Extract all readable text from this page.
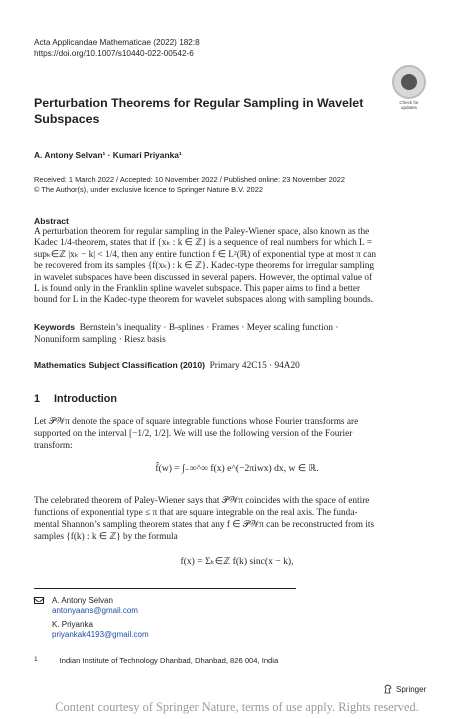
Acta Applicandae Mathematicae (2022) 182:8
https://doi.org/10.1007/s10440-022-00542-6
Check for
updates
Perturbation Theorems for Regular Sampling in Wavelet
Subspaces
A. Antony Selvan¹ · Kumari Priyanka¹
Received: 1 March 2022 / Accepted: 10 November 2022 / Published online: 23 November 2022
© The Author(s), under exclusive licence to Springer Nature B.V. 2022
Abstract
A perturbation theorem for regular sampling in the Paley-Wiener space, also known as the
Kadec 1/4-theorem, states that if {xₖ : k ∈ ℤ} is a sequence of real numbers for which L =
supₖ∈ℤ |xₖ − k| < 1/4, then any entire function f ∈ L²(ℝ) of exponential type at most π can
be recovered from its samples {f(xₖ) : k ∈ ℤ}. Kadec-type theorems for irregular sampling
in wavelet subspaces have been discussed in several papers. However, the optimal value of
L is found only in the Franklin spline wavelet subspace. This paper aims to find a better
bound for L in the Kadec-type theorem for wavelet subspaces along with sampling bounds.
Keywords Bernstein’s inequality · B-splines · Frames · Meyer scaling function ·
Nonuniform sampling · Riesz basis
Mathematics Subject Classification (2010) Primary 42C15 · 94A20
1 Introduction
Let 𝒫𝒲π denote the space of square integrable functions whose Fourier transforms are
supported on the interval [−1/2, 1/2]. We will use the following version of the Fourier
transform:
f̂(w) = ∫₋∞^∞ f(x) e^(−2πiwx) dx, w ∈ ℝ.
The celebrated theorem of Paley-Wiener says that 𝒫𝒲π coincides with the space of entire
functions of exponential type ≤ π that are square integrable on the real axis. The funda-
mental Shannon’s sampling theorem states that any f ∈ 𝒫𝒲π can be reconstructed from its
samples {f(k) : k ∈ ℤ} by the formula
f(x) = Σₖ∈ℤ f(k) sinc(x − k),
A. Antony Selvan
antonyaans@gmail.com
K. Priyanka
priyankak4193@gmail.com
1	Indian Institute of Technology Dhanbad, Dhanbad, 826 004, India
Springer
Content courtesy of Springer Nature, terms of use apply. Rights reserved.
